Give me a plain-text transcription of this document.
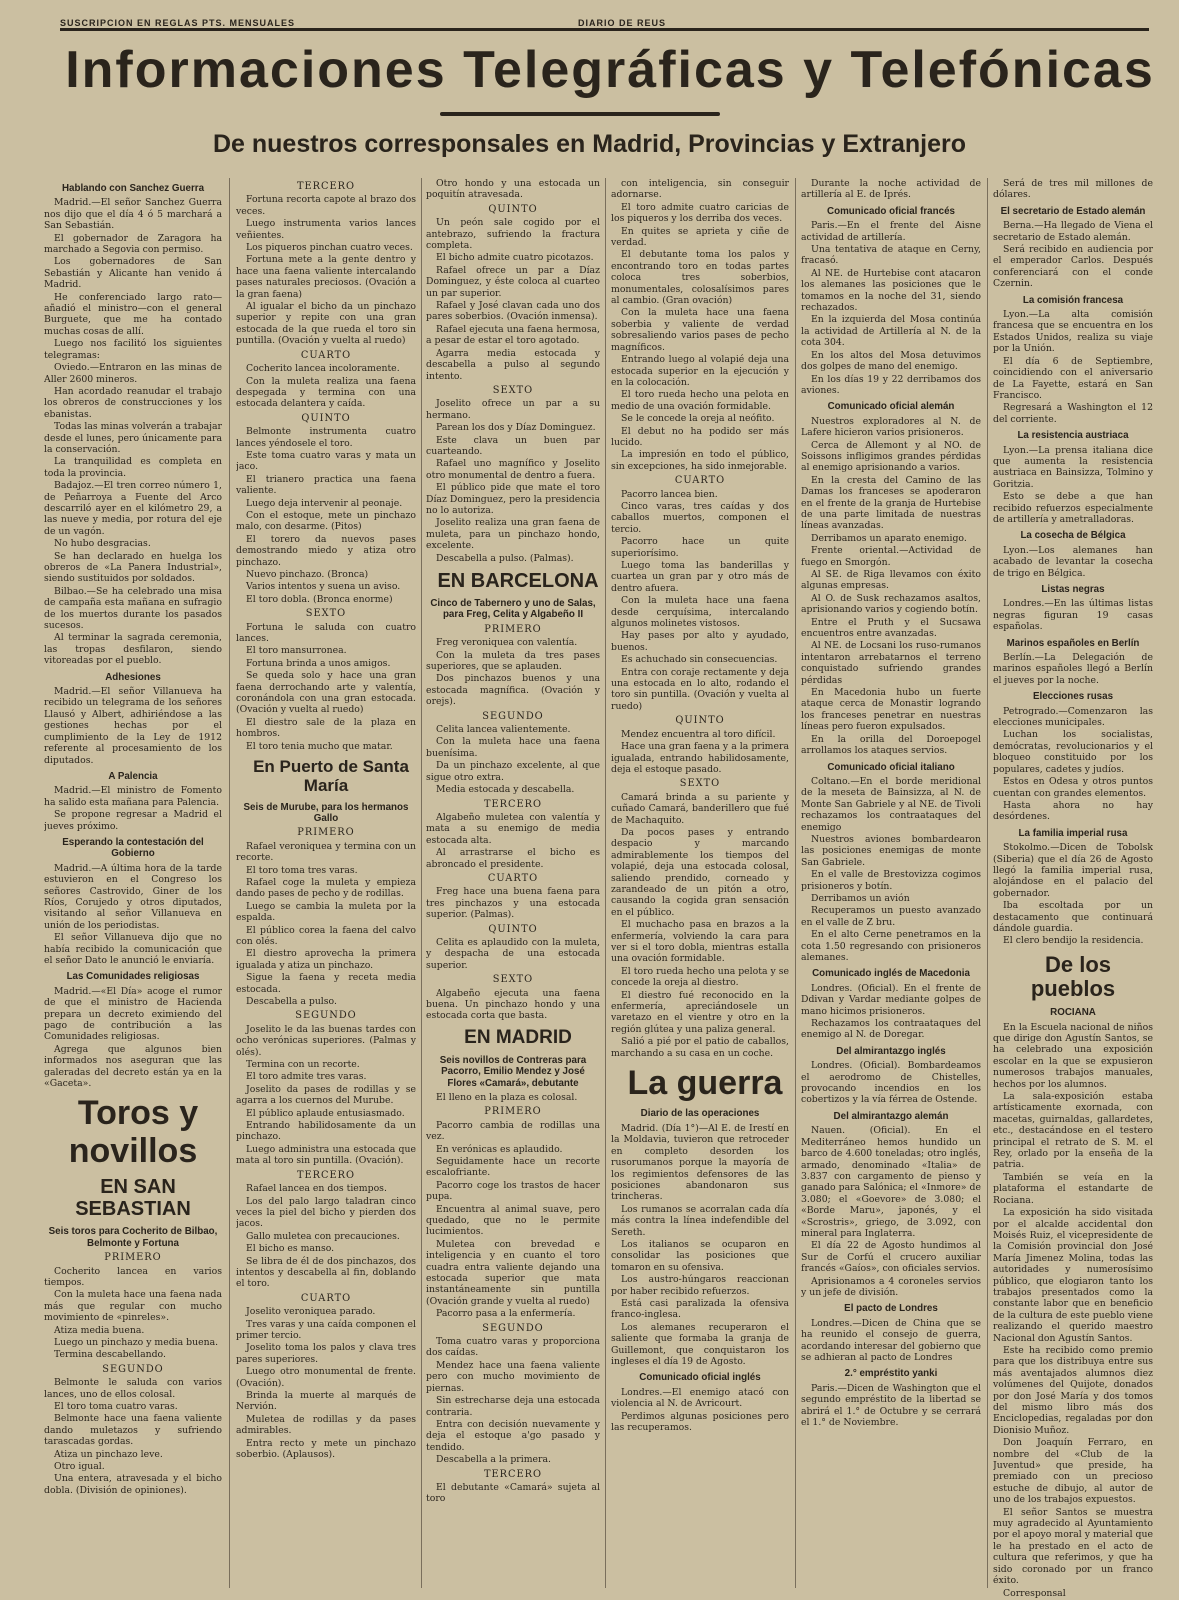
SUSCRIPCION EN REGLAS PTS. MENSUALES	DIARIO DE REUS
Informaciones Telegráficas y Telefónicas
De nuestros corresponsales en Madrid, Provincias y Extranjero

Hablando con Sanchez Guerra

Madrid.—El señor Sanchez Guerra nos dijo que el día 4 ó 5 marchará a San Sebastián.

El gobernador de Zaragora ha marchado a Segovia con permiso.

Los gobernadores de San Sebastián y Alicante han venido á Madrid.

He conferenciado largo rato—añadió el ministro—con el general Burguete, que me ha contado muchas cosas de allí.

Luego nos facilitó los siguientes telegramas:

Oviedo.—Entraron en las minas de Aller 2600 mineros.

Han acordado reanudar el trabajo los obreros de construcciones y los ebanistas.

Todas las minas volverán a trabajar desde el lunes, pero únicamente para la conservación.

La tranquilidad es completa en toda la provincia.

Badajoz.—El tren correo número 1, de Peñarroya a Fuente del Arco descarriló ayer en el kilómetro 29, a las nueve y media, por rotura del eje de un vagón.

No hubo desgracias.

Se han declarado en huelga los obreros de «La Panera Industrial», siendo sustituidos por soldados.

Bilbao.—Se ha celebrado una misa de campaña esta mañana en sufragio de los muertos durante los pasados sucesos.

Al terminar la sagrada ceremonia, las tropas desfilaron, siendo vitoreadas por el pueblo.

Adhesiones

Madrid.—El señor Villanueva ha recibido un telegrama de los señores Llausó y Albert, adhiriéndose a las gestiones hechas por el cumplimiento de la Ley de 1912 referente al procesamiento de los diputados.

A Palencia

Madrid.—El ministro de Fomento ha salido esta mañana para Palencia.

Se propone regresar a Madrid el jueves próximo.

Esperando la contestación del Gobierno

Madrid.—A última hora de la tarde estuvieron en el Congreso los señores Castrovido, Giner de los Ríos, Corujedo y otros diputados, visitando al señor Villanueva en unión de los periodistas.

El señor Villanueva dijo que no había recibido la comunicación que el señor Dato le anunció le enviaría.

Las Comunidades religiosas

Madrid.—«El Día» acoge el rumor de que el ministro de Hacienda prepara un decreto eximiendo del pago de contribución a las Comunidades religiosas.

Agrega que algunos bien informados nos aseguran que las galeradas del decreto están ya en la «Gaceta».

Toros y novillos

EN SAN SEBASTIAN

Seis toros para Cocherito de Bilbao, Belmonte y Fortuna

PRIMERO

Cocherito lancea en varios tiempos.

Con la muleta hace una faena nada más que regular con mucho movimiento de «pinreles».

Atiza media buena.

Luego un pinchazo y media buena.

Termina descabellando.

SEGUNDO

Belmonte le saluda con varios lances, uno de ellos colosal.

El toro toma cuatro varas.

Belmonte hace una faena valiente dando muletazos y sufriendo tarascadas gordas.

Atiza un pinchazo leve.

Otro igual.

Una entera, atravesada y el bicho dobla. (División de opiniones).

TERCERO

Fortuna recorta capote al brazo dos veces.

Luego instrumenta varios lances veñientes.

Los piqueros pinchan cuatro veces.

Fortuna mete a la gente dentro y hace una faena valiente intercalando pases naturales preciosos. (Ovación a la gran faena)

Al igualar el bicho da un pinchazo superior y repite con una gran estocada de la que rueda el toro sin puntilla. (Ovación y vuelta al ruedo)

CUARTO

Cocherito lancea incoloramente.

Con la muleta realiza una faena despegada y termina con una estocada delantera y caída.

QUINTO

Belmonte instrumenta cuatro lances yéndosele el toro.

Este toma cuatro varas y mata un jaco.

El trianero practica una faena valiente.

Luego deja intervenir al peonaje.

Con el estoque, mete un pinchazo malo, con desarme. (Pitos)

El torero da nuevos pases demostrando miedo y atiza otro pinchazo.

Nuevo pinchazo. (Bronca)

Varios intentos y suena un aviso.

El toro dobla. (Bronca enorme)

SEXTO

Fortuna le saluda con cuatro lances.

El toro mansurronea.

Fortuna brinda a unos amigos.

Se queda solo y hace una gran faena derrochando arte y valentía, coronándola con una gran estocada. (Ovación y vuelta al ruedo)

El diestro sale de la plaza en hombros.

El toro tenia mucho que matar.

En Puerto de Santa María

Seis de Murube, para los hermanos Gallo

PRIMERO

Rafael veroniquea y termina con un recorte.

El toro toma tres varas.

Rafael coge la muleta y empieza dando pases de pecho y de rodillas.

Luego se cambia la muleta por la espalda.

El público corea la faena del calvo con olés.

El diestro aprovecha la primera igualada y atiza un pinchazo.

Sigue la faena y receta media estocada.

Descabella a pulso.

SEGUNDO

Joselito le da las buenas tardes con ocho verónicas superiores. (Palmas y olés).

Termina con un recorte.

El toro admite tres varas.

Joselito da pases de rodillas y se agarra a los cuernos del Murube.

El público aplaude entusiasmado.

Entrando habilidosamente da un pinchazo.

Luego administra una estocada que mata al toro sin puntilla. (Ovación).

TERCERO

Rafael lancea en dos tiempos.

Los del palo largo taladran cinco veces la piel del bicho y pierden dos jacos.

Gallo muletea con precauciones.

El bicho es manso.

Se libra de él de dos pinchazos, dos intentos y descabella al fin, doblando el toro.

CUARTO

Joselito veroniquea parado.

Tres varas y una caída componen el primer tercio.

Joselito toma los palos y clava tres pares superiores.

Luego otro monumental de frente. (Ovación).

Brinda la muerte al marqués de Nervión.

Muletea de rodillas y da pases admirables.

Entra recto y mete un pinchazo soberbio. (Aplausos).

Otro hondo y una estocada un poquitín atravesada.

QUINTO

Un peón sale cogido por el antebrazo, sufriendo la fractura completa.

El bicho admite cuatro picotazos.

Rafael ofrece un par a Díaz Dominguez, y éste coloca al cuarteo un par superior.

Rafael y José clavan cada uno dos pares soberbios. (Ovación inmensa).

Rafael ejecuta una faena hermosa, a pesar de estar el toro agotado.

Agarra media estocada y descabella a pulso al segundo intento.

SEXTO

Joselito ofrece un par a su hermano.

Parean los dos y Díaz Dominguez.

Este clava un buen par cuarteando.

Rafael uno magnífico y Joselito otro monumental de dentro a fuera.

El público pide que mate el toro Díaz Dominguez, pero la presidencia no lo autoriza.

Joselito realiza una gran faena de muleta, para un pinchazo hondo, excelente.

Descabella a pulso. (Palmas).

EN BARCELONA

Cinco de Tabernero y uno de Salas, para Freg, Celita y Algabeño II

PRIMERO

Freg veroniquea con valentía.

Con la muleta da tres pases superiores, que se aplauden.

Dos pinchazos buenos y una estocada magnífica. (Ovación y orejs).

SEGUNDO

Celita lancea valientemente.

Con la muleta hace una faena buenísima.

Da un pinchazo excelente, al que sigue otro extra.

Media estocada y descabella.

TERCERO

Algabeño muletea con valentía y mata a su enemigo de media estocada alta.

Al arrastrarse el bicho es abroncado el presidente.

CUARTO

Freg hace una buena faena para tres pinchazos y una estocada superior. (Palmas).

QUINTO

Celita es aplaudido con la muleta, y despacha de una estocada superior.

SEXTO

Algabeño ejecuta una faena buena. Un pinchazo hondo y una estocada corta que basta.

EN MADRID

Seis novillos de Contreras para Pacorro, Emilio Mendez y José Flores «Camará», debutante

El lleno en la plaza es colosal.

PRIMERO

Pacorro cambia de rodillas una vez.

En verónicas es aplaudido.

Seguidamente hace un recorte escalofriante.

Pacorro coge los trastos de hacer pupa.

Encuentra al animal suave, pero quedado, que no le permite lucimientos.

Muletea con brevedad e inteligencia y en cuanto el toro cuadra entra valiente dejando una estocada superior que mata instantáneamente sin puntilla (Ovación grande y vuelta al ruedo)

Pacorro pasa a la enfermería.

SEGUNDO

Toma cuatro varas y proporciona dos caídas.

Mendez hace una faena valiente pero con mucho movimiento de piernas.

Sin estrecharse deja una estocada contraria.

Entra con decisión nuevamente y deja el estoque a'go pasado y tendido.

Descabella a la primera.

TERCERO

El debutante «Camará» sujeta al toro

con inteligencia, sin conseguir adornarse.

El toro admite cuatro caricias de los piqueros y los derriba dos veces.

En quites se aprieta y ciñe de verdad.

El debutante toma los palos y encontrando toro en todas partes coloca tres soberbios, monumentales, colosalísimos pares al cambio. (Gran ovación)

Con la muleta hace una faena soberbia y valiente de verdad sobresaliendo varios pases de pecho magníficos.

Entrando luego al volapié deja una estocada superior en la ejecución y en la colocación.

El toro rueda hecho una pelota en medio de una ovación formidable.

Se le concede la oreja al neófito.

El debut no ha podido ser más lucido.

La impresión en todo el público, sin excepciones, ha sido inmejorable.

CUARTO

Pacorro lancea bien.

Cinco varas, tres caídas y dos caballos muertos, componen el tercio.

Pacorro hace un quite superiorísimo.

Luego toma las banderillas y cuartea un gran par y otro más de dentro afuera.

Con la muleta hace una faena desde cerquísima, intercalando algunos molinetes vistosos.

Hay pases por alto y ayudado, buenos.

Es achuchado sin consecuencias.

Entra con coraje rectamente y deja una estocada en lo alto, rodando el toro sin puntilla. (Ovación y vuelta al ruedo)

QUINTO

Mendez encuentra al toro difícil.

Hace una gran faena y a la primera igualada, entrando habilidosamente, deja el estoque pasado.

SEXTO

Camará brinda a su pariente y cuñado Camará, banderillero que fué de Machaquito.

Da pocos pases y entrando despacio y marcando admirablemente los tiempos del volapié, deja una estocada colosal, saliendo prendido, corneado y zarandeado de un pitón a otro, causando la cogida gran sensación en el público.

El muchacho pasa en brazos a la enfermería, volviendo la cara para ver si el toro dobla, mientras estalla una ovación formidable.

El toro rueda hecho una pelota y se concede la oreja al diestro.

El diestro fué reconocido en la enfermería, apreciándosele un varetazo en el vientre y otro en la región glútea y una paliza general.

Salió a pié por el patio de caballos, marchando a su casa en un coche.

La guerra

Diario de las operaciones

Madrid. (Día 1°)—Al E. de Irestí en la Moldavia, tuvieron que retroceder en completo desorden los rusorumanos porque la mayoría de los regimientos defensores de las posiciones abandonaron sus trincheras.

Los rumanos se acorralan cada día más contra la línea indefendible del Sereth.

Los italianos se ocuparon en consolidar las posiciones que tomaron en su ofensiva.

Los austro-húngaros reaccionan por haber recibido refuerzos.

Está casi paralizada la ofensiva franco-inglesa.

Los alemanes recuperaron el saliente que formaba la granja de Guillemont, que conquistaron los ingleses el día 19 de Agosto.

Comunicado oficial inglés

Londres.—El enemigo atacó con violencia al N. de Avricourt.

Perdimos algunas posiciones pero las recuperamos.

Durante la noche actividad de artillería al E. de Iprés.

Comunicado oficial francés

Paris.—En el frente del Aisne actividad de artillería.

Una tentativa de ataque en Cerny, fracasó.

Al NE. de Hurtebise cont atacaron los alemanes las posiciones que le tomamos en la noche del 31, siendo rechazados.

En la izquierda del Mosa continúa la actividad de Artillería al N. de la cota 304.

En los altos del Mosa detuvimos dos golpes de mano del enemigo.

En los días 19 y 22 derribamos dos aviones.

Comunicado oficial alemán

Nuestros exploradores al N. de Lafere hicieron varios prisioneros.

Cerca de Allemont y al NO. de Soissons infligimos grandes pérdidas al enemigo aprisionando a varios.

En la cresta del Camino de las Damas los franceses se apoderaron en el frente de la granja de Hurtebise de una parte limitada de nuestras líneas avanzadas.

Derribamos un aparato enemigo.

Frente oriental.—Actividad de fuego en Smorgón.

Al SE. de Riga llevamos con éxito algunas empresas.

Al O. de Susk rechazamos asaltos, aprisionando varios y cogiendo botín.

Entre el Pruth y el Sucsawa encuentros entre avanzadas.

Al NE. de Locsani los ruso-rumanos intentaron arrebatarnos el terreno conquistado sufriendo grandes pérdidas

En Macedonia hubo un fuerte ataque cerca de Monastir logrando los franceses penetrar en nuestras líneas pero fueron expulsados.

En la orilla del Doroepogel arrollamos los ataques servios.

Comunicado oficial italiano

Coltano.—En el borde meridional de la meseta de Bainsizza, al N. de Monte San Gabriele y al NE. de Tivoli rechazamos los contraataques del enemigo

Nuestros aviones bombardearon las posiciones enemigas de monte San Gabriele.

En el valle de Brestovizza cogimos prisioneros y botín.

Derribamos un avión

Recuperamos un puesto avanzado en el valle de Z bru.

En el alto Cerne penetramos en la cota 1.50 regresando con prisioneros alemanes.

Comunicado inglés de Macedonia

Londres. (Oficial). En el frente de Ddivan y Vardar mediante golpes de mano hicimos prisioneros.

Rechazamos los contraataques del enemigo al N. de Doregar.

Del almirantazgo inglés

Londres. (Oficial). Bombardeamos el aerodromo de Chistelles, provocando incendios en los cobertizos y la vía férrea de Ostende.

Del almirantazgo alemán

Nauen. (Oficial). En el Mediterráneo hemos hundido un barco de 4.600 toneladas; otro inglés, armado, denominado «Italia» de 3.837 con cargamento de pienso y ganado para Salónica; el «Inmore» de 3.080; el «Goevore» de 3.080; el «Borde Maru», japonés, y el «Scrostris», griego, de 3.092, con mineral para Inglaterra.

El día 22 de Agosto hundimos al Sur de Corfú el crucero auxiliar francés «Gaíos», con oficiales servios.

Aprisionamos a 4 coroneles servios y un jefe de división.

El pacto de Londres

Londres.—Dicen de China que se ha reunido el consejo de guerra, acordando interesar del gobierno que se adhieran al pacto de Londres

2.° empréstito yanki

Paris.—Dicen de Washington que el segundo empréstito de la libertad se abrirá el 1.° de Octubre y se cerrará el 1.° de Noviembre.

Será de tres mil millones de dólares.

El secretario de Estado alemán

Berna.—Ha llegado de Viena el secretario de Estado alemán.

Será recibido en audiencia por el emperador Carlos. Después conferenciará con el conde Czernin.

La comisión francesa

Lyon.—La alta comisión francesa que se encuentra en los Estados Unidos, realiza su viaje por la Unión.

El día 6 de Septiembre, coincidiendo con el aniversario de La Fayette, estará en San Francisco.

Regresará a Washington el 12 del corriente.

La resistencia austriaca

Lyon.—La prensa italiana dice que aumenta la resistencia austriaca en Bainsizza, Tolmino y Goritzia.

Esto se debe a que han recibido refuerzos especialmente de artillería y ametralladoras.

La cosecha de Bélgica

Lyon.—Los alemanes han acabado de levantar la cosecha de trigo en Bélgica.

Listas negras

Londres.—En las últimas listas negras figuran 19 casas españolas.

Marinos españoles en Berlín

Berlín.—La Delegación de marinos españoles llegó a Berlín el jueves por la noche.

Elecciones rusas

Petrogrado.—Comenzaron las elecciones municipales.

Luchan los socialistas, demócratas, revolucionarios y el bloqueo constituido por los populares, cadetes y judíos.

Estos en Odesa y otros puntos cuentan con grandes elementos.

Hasta ahora no hay desórdenes.

La familia imperial rusa

Stokolmo.—Dicen de Tobolsk (Siberia) que el día 26 de Agosto llegó la familia imperial rusa, alojándose en el palacio del gobernador.

Iba escoltada por un destacamento que continuará dándole guardia.

El clero bendijo la residencia.

De los pueblos

ROCIANA

En la Escuela nacional de niños que dirige don Agustín Santos, se ha celebrado una exposición escolar en la que se expusieron numerosos trabajos manuales, hechos por los alumnos.

La sala-exposición estaba artísticamente exornada, con macetas, guirnaldas, gallardetes, etc., destacándose en el testero principal el retrato de S. M. el Rey, orlado por la enseña de la patria.

También se veía en la plataforma el estandarte de Rociana.

La exposición ha sido visitada por el alcalde accidental don Moisés Ruiz, el vicepresidente de la Comisión provincial don José María Jimenez Molina, todas las autoridades y numerosísimo público, que elogiaron tanto los trabajos presentados como la constante labor que en beneficio de la cultura de este pueblo viene realizando el querido maestro Nacional don Agustín Santos.

Este ha recibido como premio para que los distribuya entre sus más aventajados alumnos diez volúmenes del Quijote, donados por don José María y dos tomos del mismo libro más dos Enciclopedias, regaladas por don Dionisio Muñoz.

Don Joaquín Ferraro, en nombre del «Club de la Juventud» que preside, ha premiado con un precioso estuche de dibujo, al autor de uno de los trabajos expuestos.

El señor Santos se muestra muy agradecido al Ayuntamiento por el apoyo moral y material que le ha prestado en el acto de cultura que referimos, y que ha sido coronado por un franco éxito.

Corresponsal
